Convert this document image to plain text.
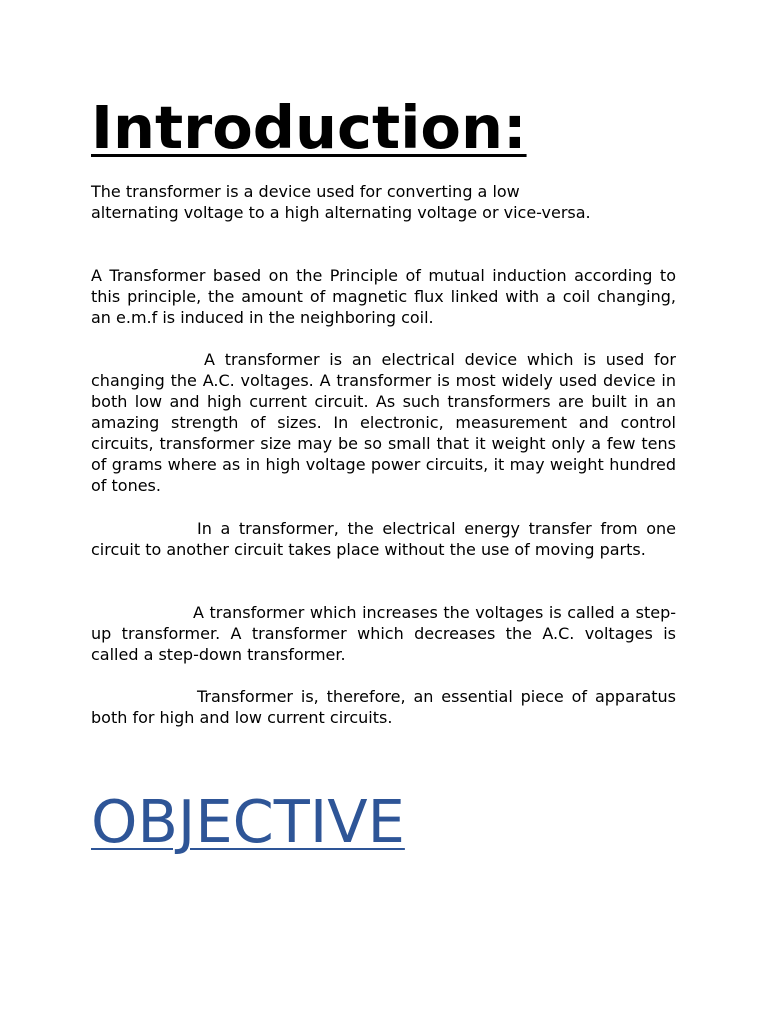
Introduction:

The transformer is a device used for converting a low alternating voltage to a high alternating voltage or vice-versa.

A Transformer based on the Principle of mutual induction according to this principle, the amount of magnetic flux linked with a coil changing, an e.m.f is induced in the neighboring coil.

A transformer is an electrical device which is used for changing the A.C. voltages. A transformer is most widely used device in both low and high current circuit. As such transformers are built in an amazing strength of sizes. In electronic, measurement and control circuits, transformer size may be so small that it weight only a few tens of grams where as in high voltage power circuits, it may weight hundred of tones.

In a transformer, the electrical energy transfer from one circuit to another circuit takes place without the use of moving parts.

A transformer which increases the voltages is called a step-up transformer. A transformer which decreases the A.C. voltages is called a step-down transformer.

Transformer is, therefore, an essential piece of apparatus both for high and low current circuits.

OBJECTIVE
